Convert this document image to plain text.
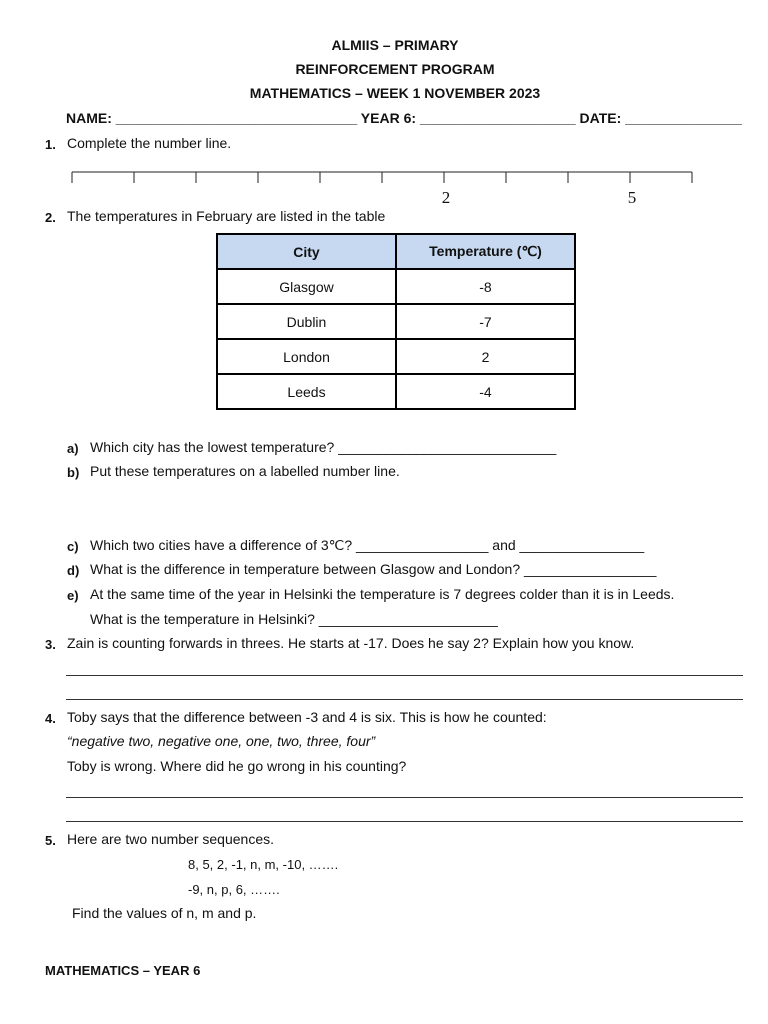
ALMIIS – PRIMARY
REINFORCEMENT PROGRAM
MATHEMATICS – WEEK 1 NOVEMBER 2023
NAME: _______________________________ YEAR 6: ____________________ DATE: _______________
1. Complete the number line.
2	5
2. The temperatures in February are listed in the table
City	Temperature (℃)
Glasgow	-8
Dublin	-7
London	2
Leeds	-4
a) Which city has the lowest temperature? ____________________________
b) Put these temperatures on a labelled number line.
c) Which two cities have a difference of 3℃? _________________ and ________________
d) What is the difference in temperature between Glasgow and London? _________________
e) At the same time of the year in Helsinki the temperature is 7 degrees colder than it is in Leeds.
What is the temperature in Helsinki? _______________________
3. Zain is counting forwards in threes. He starts at -17. Does he say 2? Explain how you know.
4. Toby says that the difference between -3 and 4 is six. This is how he counted:
“negative two, negative one, one, two, three, four”
Toby is wrong. Where did he go wrong in his counting?
5. Here are two number sequences.
8, 5, 2, -1, n, m, -10, …….
-9, n, p, 6, …….
Find the values of n, m and p.
MATHEMATICS – YEAR 6
